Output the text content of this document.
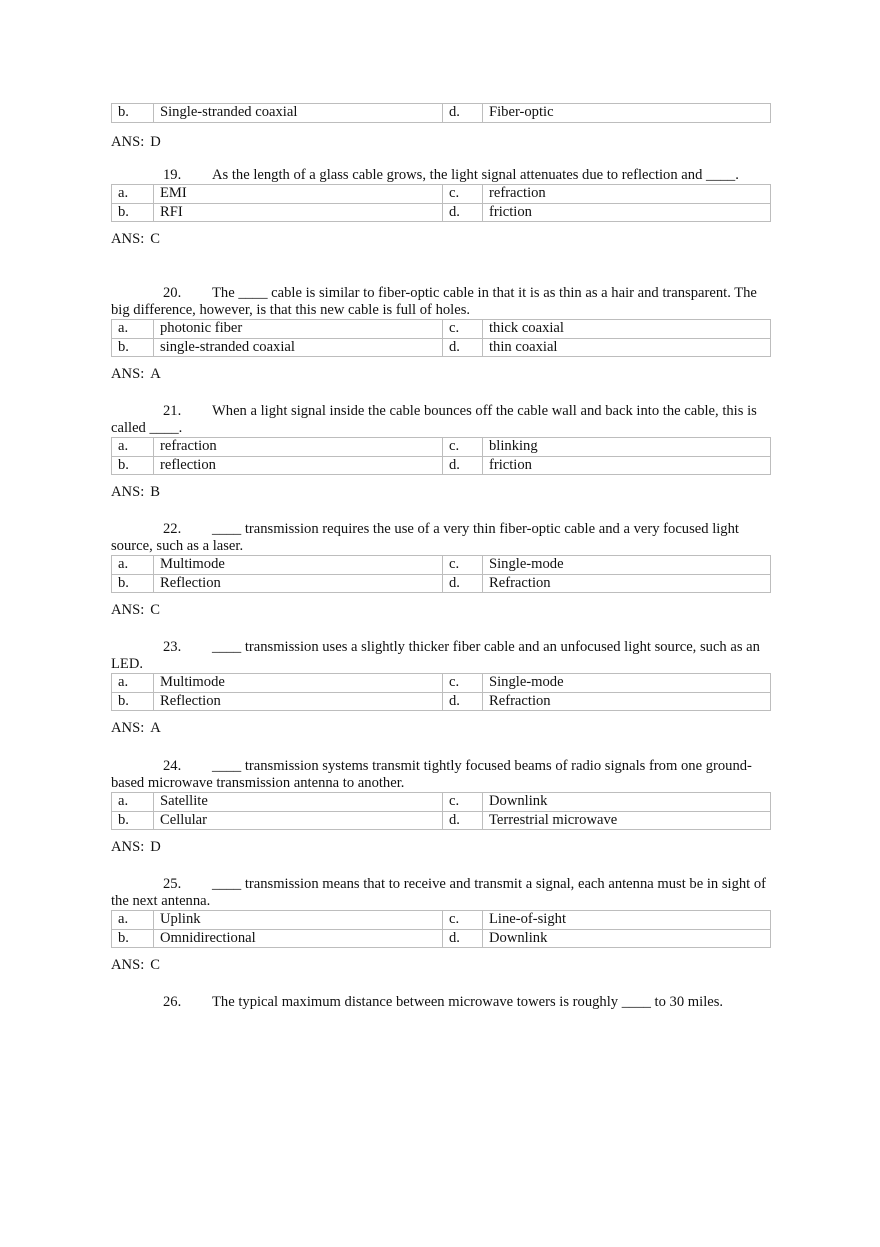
b.	Single-stranded coaxial	d.	Fiber-optic
ANS: D

19. As the length of a glass cable grows, the light signal attenuates due to reflection and ____.

a.	EMI	c.	refraction
b.	RFI	d.	friction
ANS: C

20. The ____ cable is similar to fiber-optic cable in that it is as thin as a hair and transparent. The big difference, however, is that this new cable is full of holes.

a.	photonic fiber	c.	thick coaxial
b.	single-stranded coaxial	d.	thin coaxial
ANS: A

21. When a light signal inside the cable bounces off the cable wall and back into the cable, this is called ____.

a.	refraction	c.	blinking
b.	reflection	d.	friction
ANS: B

22. ____ transmission requires the use of a very thin fiber-optic cable and a very focused light source, such as a laser.

a.	Multimode	c.	Single-mode
b.	Reflection	d.	Refraction
ANS: C

23. ____ transmission uses a slightly thicker fiber cable and an unfocused light source, such as an LED.

a.	Multimode	c.	Single-mode
b.	Reflection	d.	Refraction
ANS: A

24. ____ transmission systems transmit tightly focused beams of radio signals from one ground-based microwave transmission antenna to another.

a.	Satellite	c.	Downlink
b.	Cellular	d.	Terrestrial microwave
ANS: D

25. ____ transmission means that to receive and transmit a signal, each antenna must be in sight of the next antenna.

a.	Uplink	c.	Line-of-sight
b.	Omnidirectional	d.	Downlink
ANS: C

26. The typical maximum distance between microwave towers is roughly ____ to 30 miles.
